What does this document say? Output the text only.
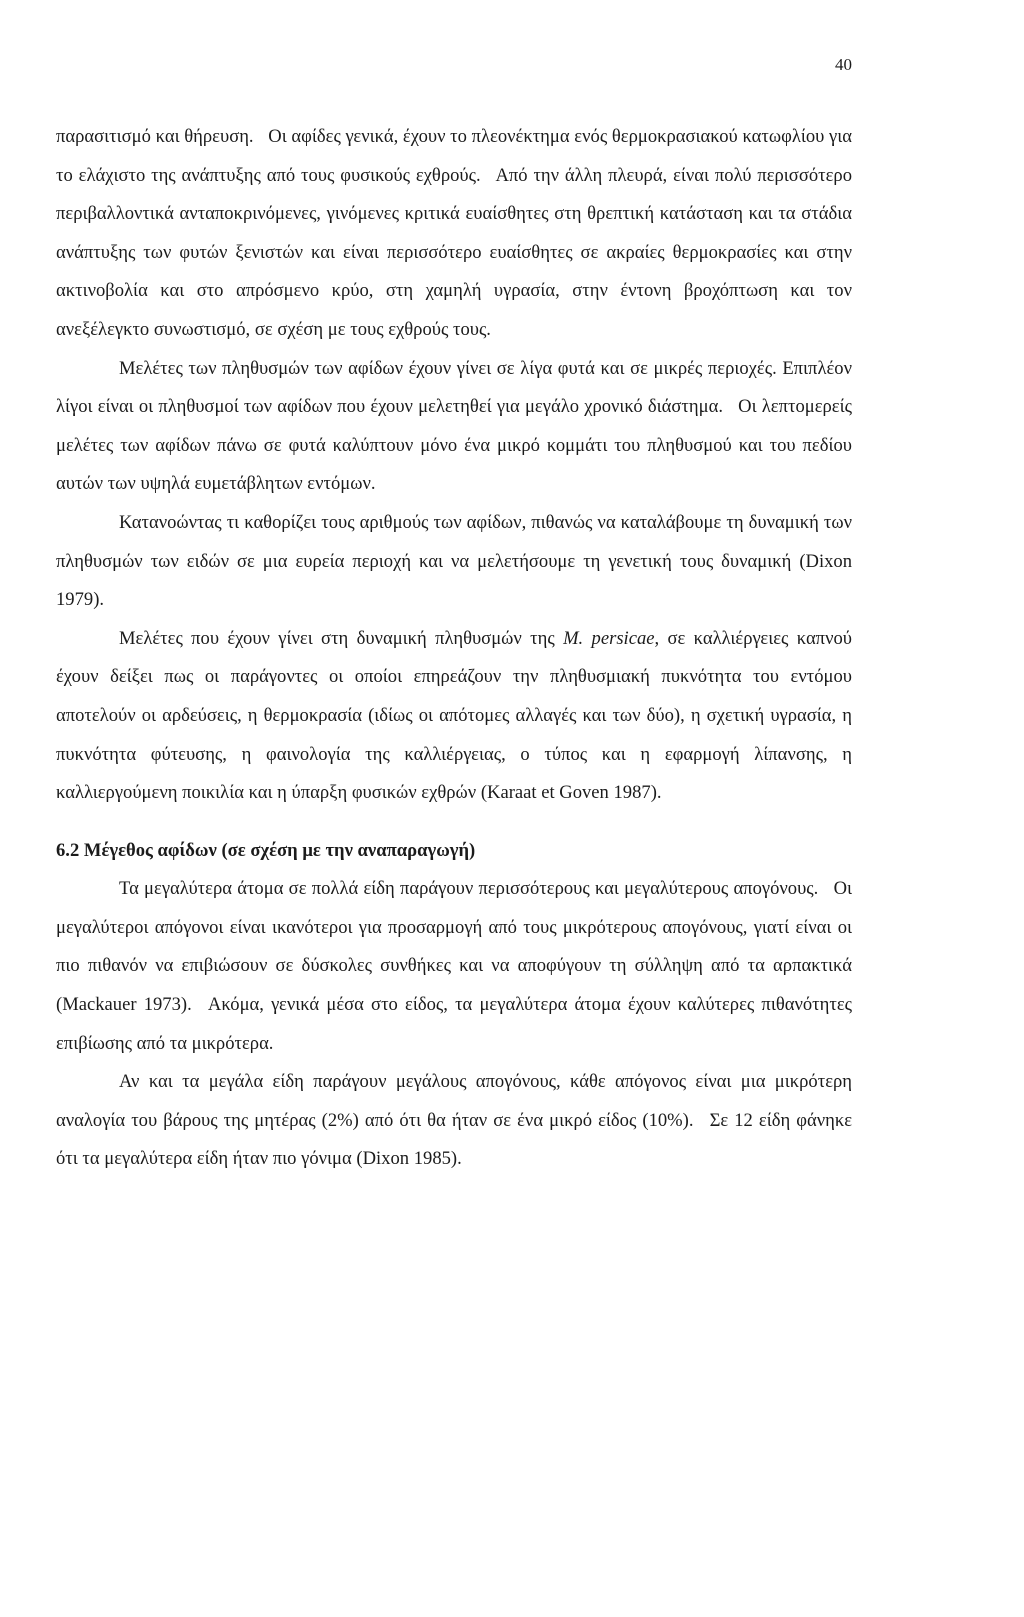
40

παρασιτισμό και θήρευση. Οι αφίδες γενικά, έχουν το πλεονέκτημα ενός θερμοκρασιακού κατωφλίου για το ελάχιστο της ανάπτυξης από τους φυσικούς εχθρούς. Από την άλλη πλευρά, είναι πολύ περισσότερο περιβαλλοντικά ανταποκρινόμενες, γινόμενες κριτικά ευαίσθητες στη θρεπτική κατάσταση και τα στάδια ανάπτυξης των φυτών ξενιστών και είναι περισσότερο ευαίσθητες σε ακραίες θερμοκρασίες και στην ακτινοβολία και στο απρόσμενο κρύο, στη χαμηλή υγρασία, στην έντονη βροχόπτωση και τον ανεξέλεγκτο συνωστισμό, σε σχέση με τους εχθρούς τους.

Μελέτες των πληθυσμών των αφίδων έχουν γίνει σε λίγα φυτά και σε μικρές περιοχές. Επιπλέον λίγοι είναι οι πληθυσμοί των αφίδων που έχουν μελετηθεί για μεγάλο χρονικό διάστημα. Οι λεπτομερείς μελέτες των αφίδων πάνω σε φυτά καλύπτουν μόνο ένα μικρό κομμάτι του πληθυσμού και του πεδίου αυτών των υψηλά ευμετάβλητων εντόμων.

Κατανοώντας τι καθορίζει τους αριθμούς των αφίδων, πιθανώς να καταλάβουμε τη δυναμική των πληθυσμών των ειδών σε μια ευρεία περιοχή και να μελετήσουμε τη γενετική τους δυναμική (Dixon 1979).

Μελέτες που έχουν γίνει στη δυναμική πληθυσμών της M. persicae, σε καλλιέργειες καπνού έχουν δείξει πως οι παράγοντες οι οποίοι επηρεάζουν την πληθυσμιακή πυκνότητα του εντόμου αποτελούν οι αρδεύσεις, η θερμοκρασία (ιδίως οι απότομες αλλαγές και των δύο), η σχετική υγρασία, η πυκνότητα φύτευσης, η φαινολογία της καλλιέργειας, ο τύπος και η εφαρμογή λίπανσης, η καλλιεργούμενη ποικιλία και η ύπαρξη φυσικών εχθρών (Karaat et Goven 1987).

6.2 Μέγεθος αφίδων (σε σχέση με την αναπαραγωγή)

Τα μεγαλύτερα άτομα σε πολλά είδη παράγουν περισσότερους και μεγαλύτερους απογόνους. Οι μεγαλύτεροι απόγονοι είναι ικανότεροι για προσαρμογή από τους μικρότερους απογόνους, γιατί είναι οι πιο πιθανόν να επιβιώσουν σε δύσκολες συνθήκες και να αποφύγουν τη σύλληψη από τα αρπακτικά (Mackauer 1973). Ακόμα, γενικά μέσα στο είδος, τα μεγαλύτερα άτομα έχουν καλύτερες πιθανότητες επιβίωσης από τα μικρότερα.

Αν και τα μεγάλα είδη παράγουν μεγάλους απογόνους, κάθε απόγονος είναι μια μικρότερη αναλογία του βάρους της μητέρας (2%) από ότι θα ήταν σε ένα μικρό είδος (10%). Σε 12 είδη φάνηκε ότι τα μεγαλύτερα είδη ήταν πιο γόνιμα (Dixon 1985).
